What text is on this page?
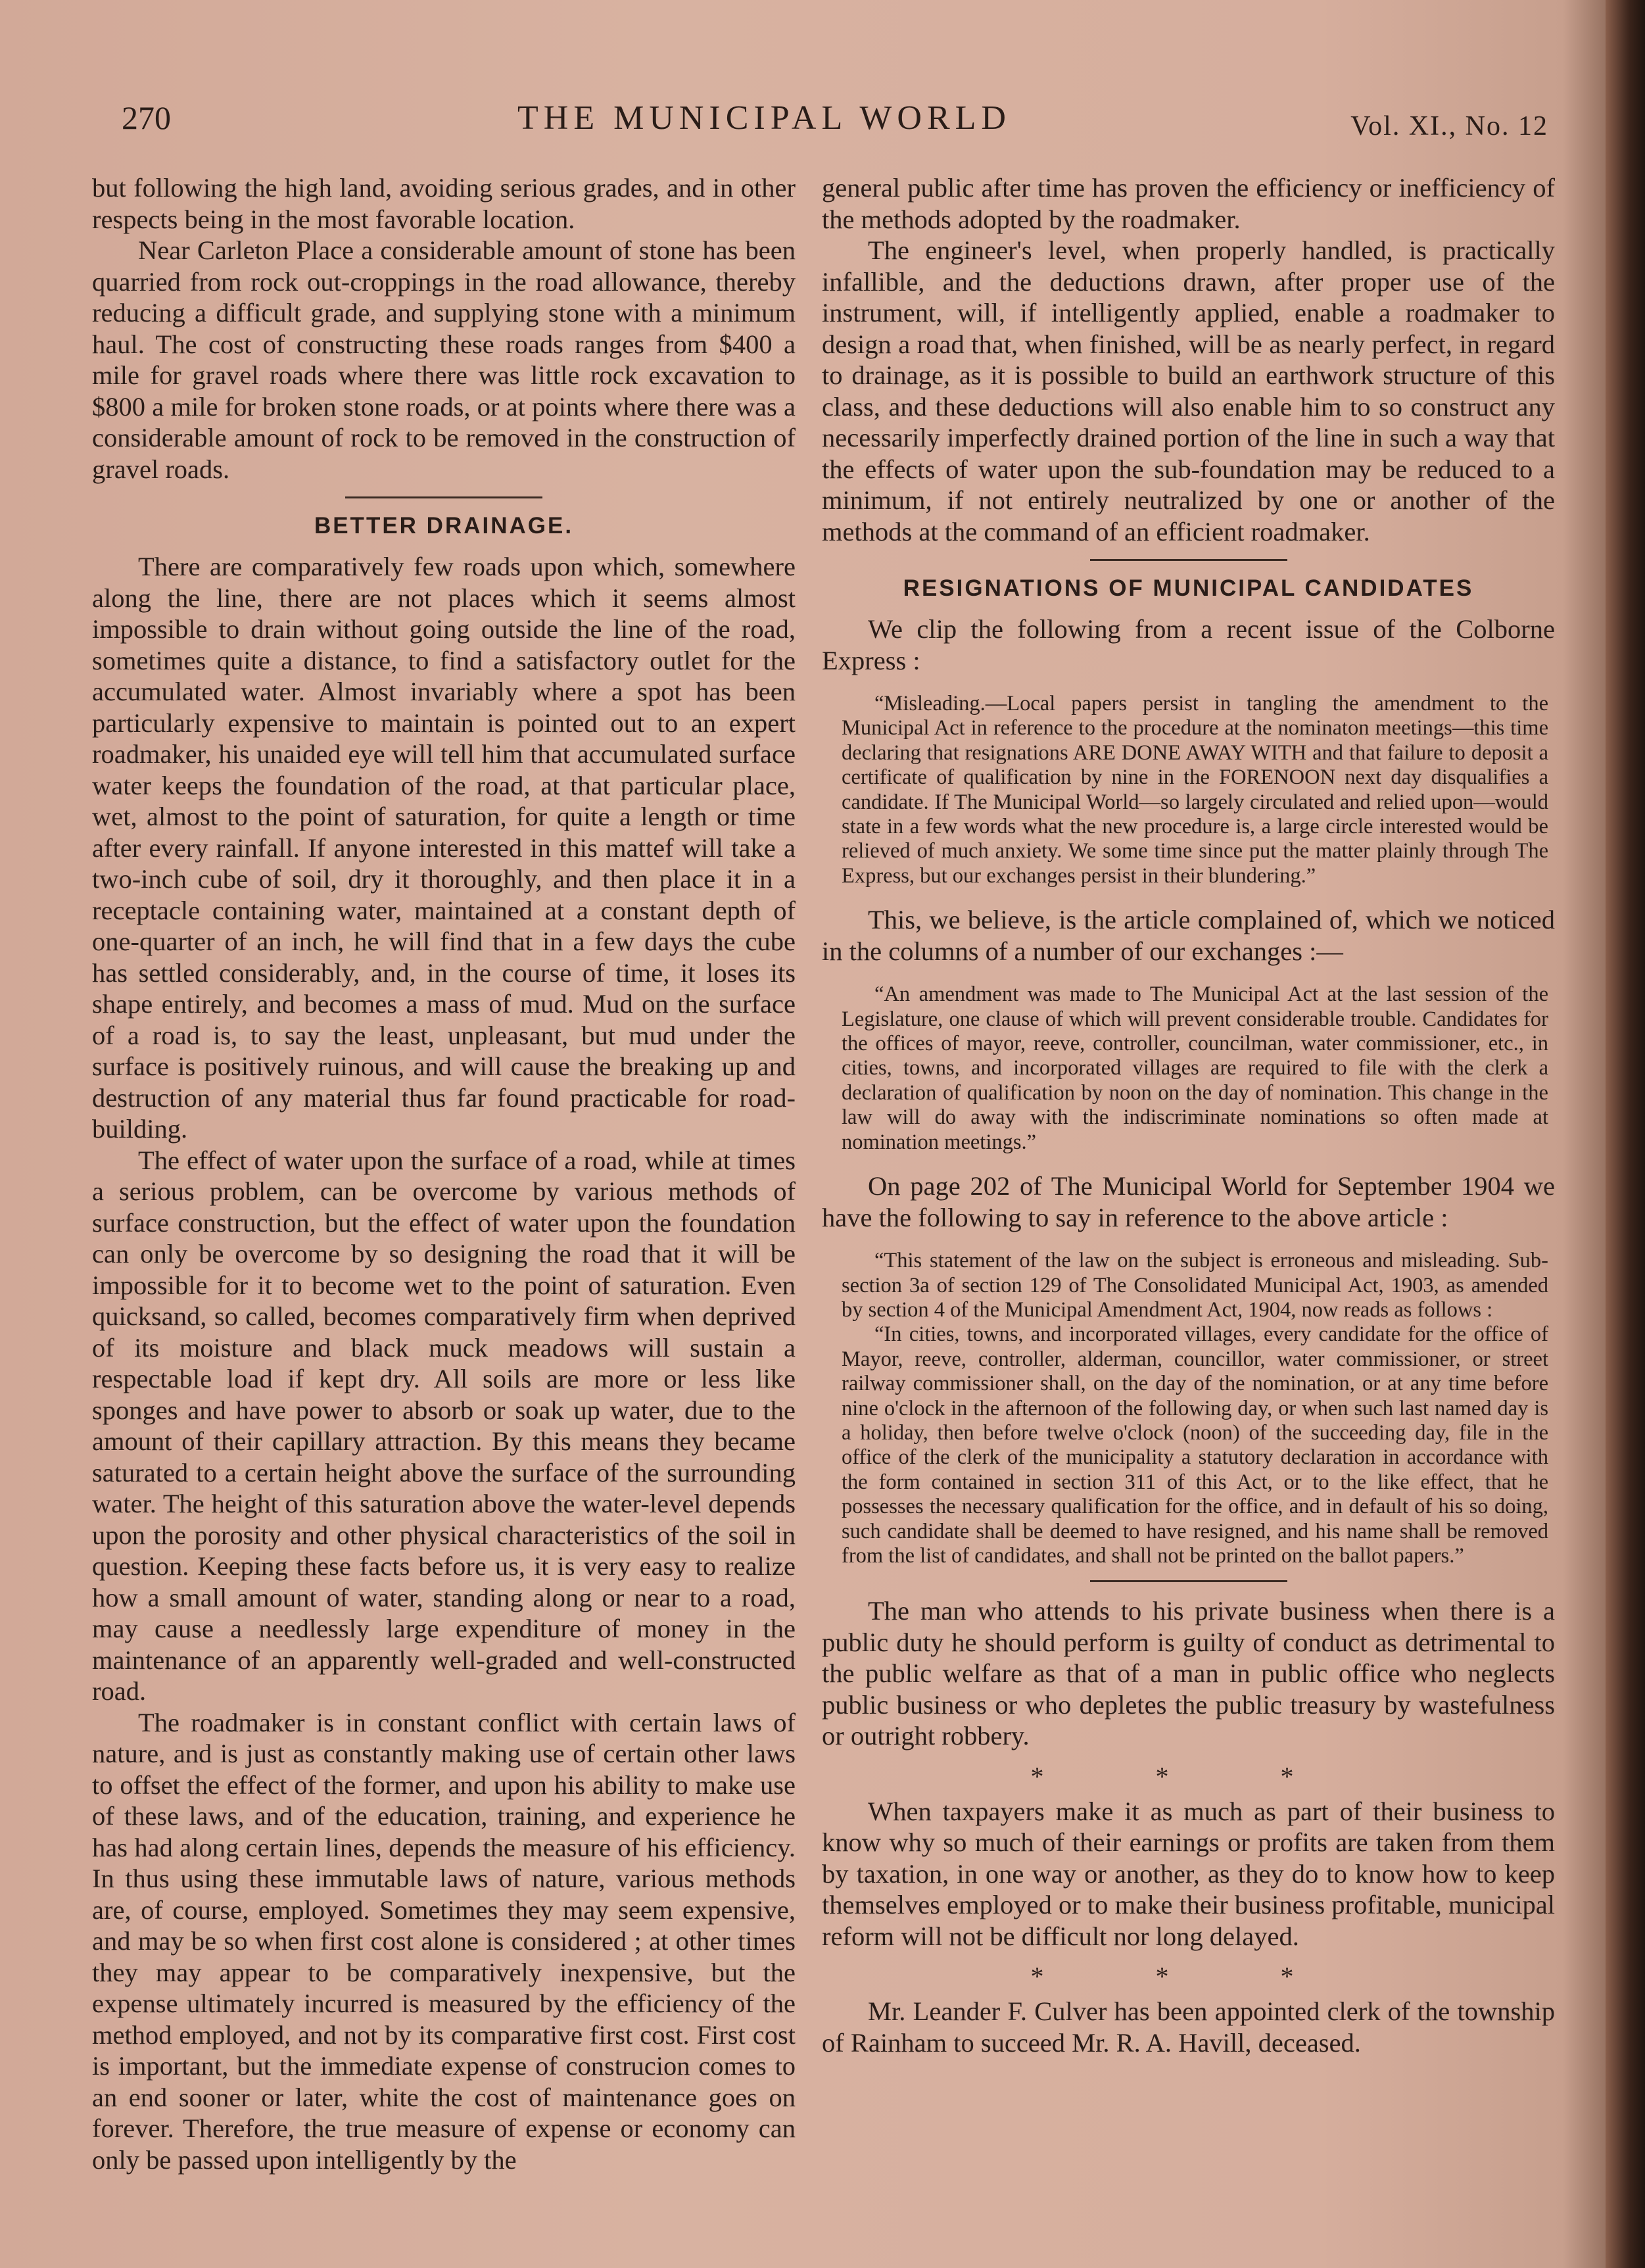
270	THE MUNICIPAL WORLD	Vol. XI., No. 12

but following the high land, avoiding serious grades, and in other respects being in the most favorable location.

Near Carleton Place a considerable amount of stone has been quarried from rock out-croppings in the road allowance, thereby reducing a difficult grade, and supplying stone with a minimum haul. The cost of constructing these roads ranges from $400 a mile for gravel roads where there was little rock excavation to $800 a mile for broken stone roads, or at points where there was a considerable amount of rock to be removed in the construction of gravel roads.

BETTER DRAINAGE.

There are comparatively few roads upon which, somewhere along the line, there are not places which it seems almost impossible to drain without going outside the line of the road, sometimes quite a distance, to find a satisfactory outlet for the accumulated water. Almost invariably where a spot has been particularly expensive to maintain is pointed out to an expert roadmaker, his unaided eye will tell him that accumulated surface water keeps the foundation of the road, at that particular place, wet, almost to the point of saturation, for quite a length or time after every rainfall. If anyone interested in this mattef will take a two-inch cube of soil, dry it thoroughly, and then place it in a receptacle containing water, maintained at a constant depth of one-quarter of an inch, he will find that in a few days the cube has settled considerably, and, in the course of time, it loses its shape entirely, and becomes a mass of mud. Mud on the surface of a road is, to say the least, unpleasant, but mud under the surface is positively ruinous, and will cause the breaking up and destruction of any material thus far found practicable for road-building.

The effect of water upon the surface of a road, while at times a serious problem, can be overcome by various methods of surface construction, but the effect of water upon the foundation can only be overcome by so designing the road that it will be impossible for it to become wet to the point of saturation. Even quicksand, so called, becomes comparatively firm when deprived of its moisture and black muck meadows will sustain a respectable load if kept dry. All soils are more or less like sponges and have power to absorb or soak up water, due to the amount of their capillary attraction. By this means they became saturated to a certain height above the surface of the surrounding water. The height of this saturation above the water-level depends upon the porosity and other physical characteristics of the soil in question. Keeping these facts before us, it is very easy to realize how a small amount of water, standing along or near to a road, may cause a needlessly large expenditure of money in the maintenance of an apparently well-graded and well-constructed road.

The roadmaker is in constant conflict with certain laws of nature, and is just as constantly making use of certain other laws to offset the effect of the former, and upon his ability to make use of these laws, and of the education, training, and experience he has had along certain lines, depends the measure of his efficiency. In thus using these immutable laws of nature, various methods are, of course, employed. Sometimes they may seem expensive, and may be so when first cost alone is considered ; at other times they may appear to be comparatively inexpensive, but the expense ultimately incurred is measured by the efficiency of the method employed, and not by its comparative first cost. First cost is important, but the immediate expense of construcion comes to an end sooner or later, white the cost of maintenance goes on forever. Therefore, the true measure of expense or economy can only be passed upon intelligently by the

general public after time has proven the efficiency or inefficiency of the methods adopted by the roadmaker.

The engineer's level, when properly handled, is practically infallible, and the deductions drawn, after proper use of the instrument, will, if intelligently applied, enable a roadmaker to design a road that, when finished, will be as nearly perfect, in regard to drainage, as it is possible to build an earthwork structure of this class, and these deductions will also enable him to so construct any necessarily imperfectly drained portion of the line in such a way that the effects of water upon the sub-foundation may be reduced to a minimum, if not entirely neutralized by one or another of the methods at the command of an efficient roadmaker.

RESIGNATIONS OF MUNICIPAL CANDIDATES

We clip the following from a recent issue of the Colborne Express :

“Misleading.—Local papers persist in tangling the amendment to the Municipal Act in reference to the procedure at the nominaton meetings—this time declaring that resignations ARE DONE AWAY WITH and that failure to deposit a certificate of qualification by nine in the FORENOON next day disqualifies a candidate. If The Municipal World—so largely circulated and relied upon—would state in a few words what the new procedure is, a large circle interested would be relieved of much anxiety. We some time since put the matter plainly through The Express, but our exchanges persist in their blundering.”

This, we believe, is the article complained of, which we noticed in the columns of a number of our exchanges :—

“An amendment was made to The Municipal Act at the last session of the Legislature, one clause of which will prevent considerable trouble. Candidates for the offices of mayor, reeve, controller, councilman, water commissioner, etc., in cities, towns, and incorporated villages are required to file with the clerk a declaration of qualification by noon on the day of nomination. This change in the law will do away with the indiscriminate nominations so often made at nomination meetings.”

On page 202 of The Municipal World for September 1904 we have the following to say in reference to the above article :

“This statement of the law on the subject is erroneous and misleading. Sub-section 3a of section 129 of The Consolidated Municipal Act, 1903, as amended by section 4 of the Municipal Amendment Act, 1904, now reads as follows :

“In cities, towns, and incorporated villages, every candidate for the office of Mayor, reeve, controller, alderman, councillor, water commissioner, or street railway commissioner shall, on the day of the nomination, or at any time before nine o'clock in the afternoon of the following day, or when such last named day is a holiday, then before twelve o'clock (noon) of the succeeding day, file in the office of the clerk of the municipality a statutory declaration in accordance with the form contained in section 311 of this Act, or to the like effect, that he possesses the necessary qualification for the office, and in default of his so doing, such candidate shall be deemed to have resigned, and his name shall be removed from the list of candidates, and shall not be printed on the ballot papers.”

The man who attends to his private business when there is a public duty he should perform is guilty of conduct as detrimental to the public welfare as that of a man in public office who neglects public business or who depletes the public treasury by wastefulness or outright robbery.

* * *

When taxpayers make it as much as part of their business to know why so much of their earnings or profits are taken from them by taxation, in one way or another, as they do to know how to keep themselves employed or to make their business profitable, municipal reform will not be difficult nor long delayed.

* * *

Mr. Leander F. Culver has been appointed clerk of the township of Rainham to succeed Mr. R. A. Havill, deceased.
